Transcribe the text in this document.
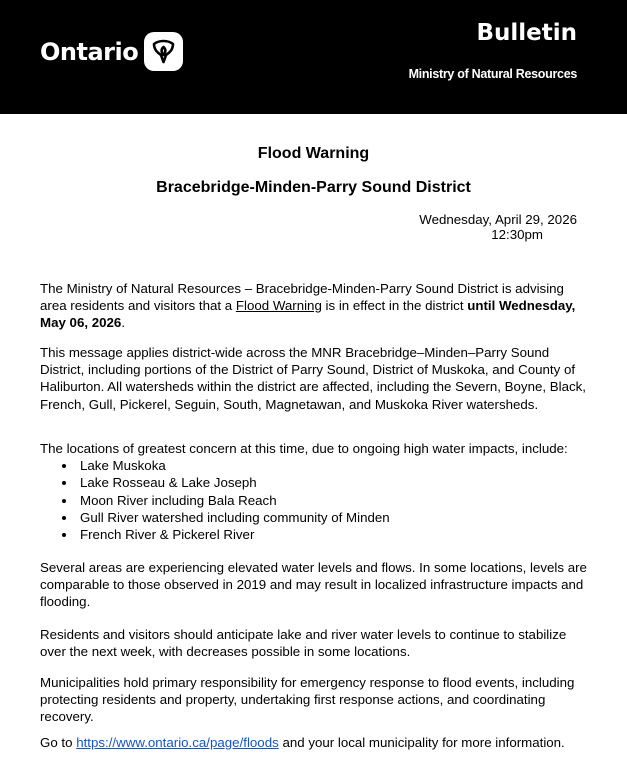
Ontario
Bulletin
Ministry of Natural Resources
Flood Warning
Bracebridge-Minden-Parry Sound District
Wednesday, April 29, 2026
12:30pm

The Ministry of Natural Resources – Bracebridge-Minden-Parry Sound District is advising area residents and visitors that a Flood Warning is in effect in the district until Wednesday, May 06, 2026.

This message applies district-wide across the MNR Bracebridge–Minden–Parry Sound District, including portions of the District of Parry Sound, District of Muskoka, and County of Haliburton. All watersheds within the district are affected, including the Severn, Boyne, Black, French, Gull, Pickerel, Seguin, South, Magnetawan, and Muskoka River watersheds.

The locations of greatest concern at this time, due to ongoing high water impacts, include:

Lake Muskoka
Lake Rosseau & Lake Joseph
Moon River including Bala Reach
Gull River watershed including community of Minden
French River & Pickerel River

Several areas are experiencing elevated water levels and flows. In some locations, levels are comparable to those observed in 2019 and may result in localized infrastructure impacts and flooding.

Residents and visitors should anticipate lake and river water levels to continue to stabilize over the next week, with decreases possible in some locations.

Municipalities hold primary responsibility for emergency response to flood events, including protecting residents and property, undertaking first response actions, and coordinating recovery.

Go to https://www.ontario.ca/page/floods and your local municipality for more information.
